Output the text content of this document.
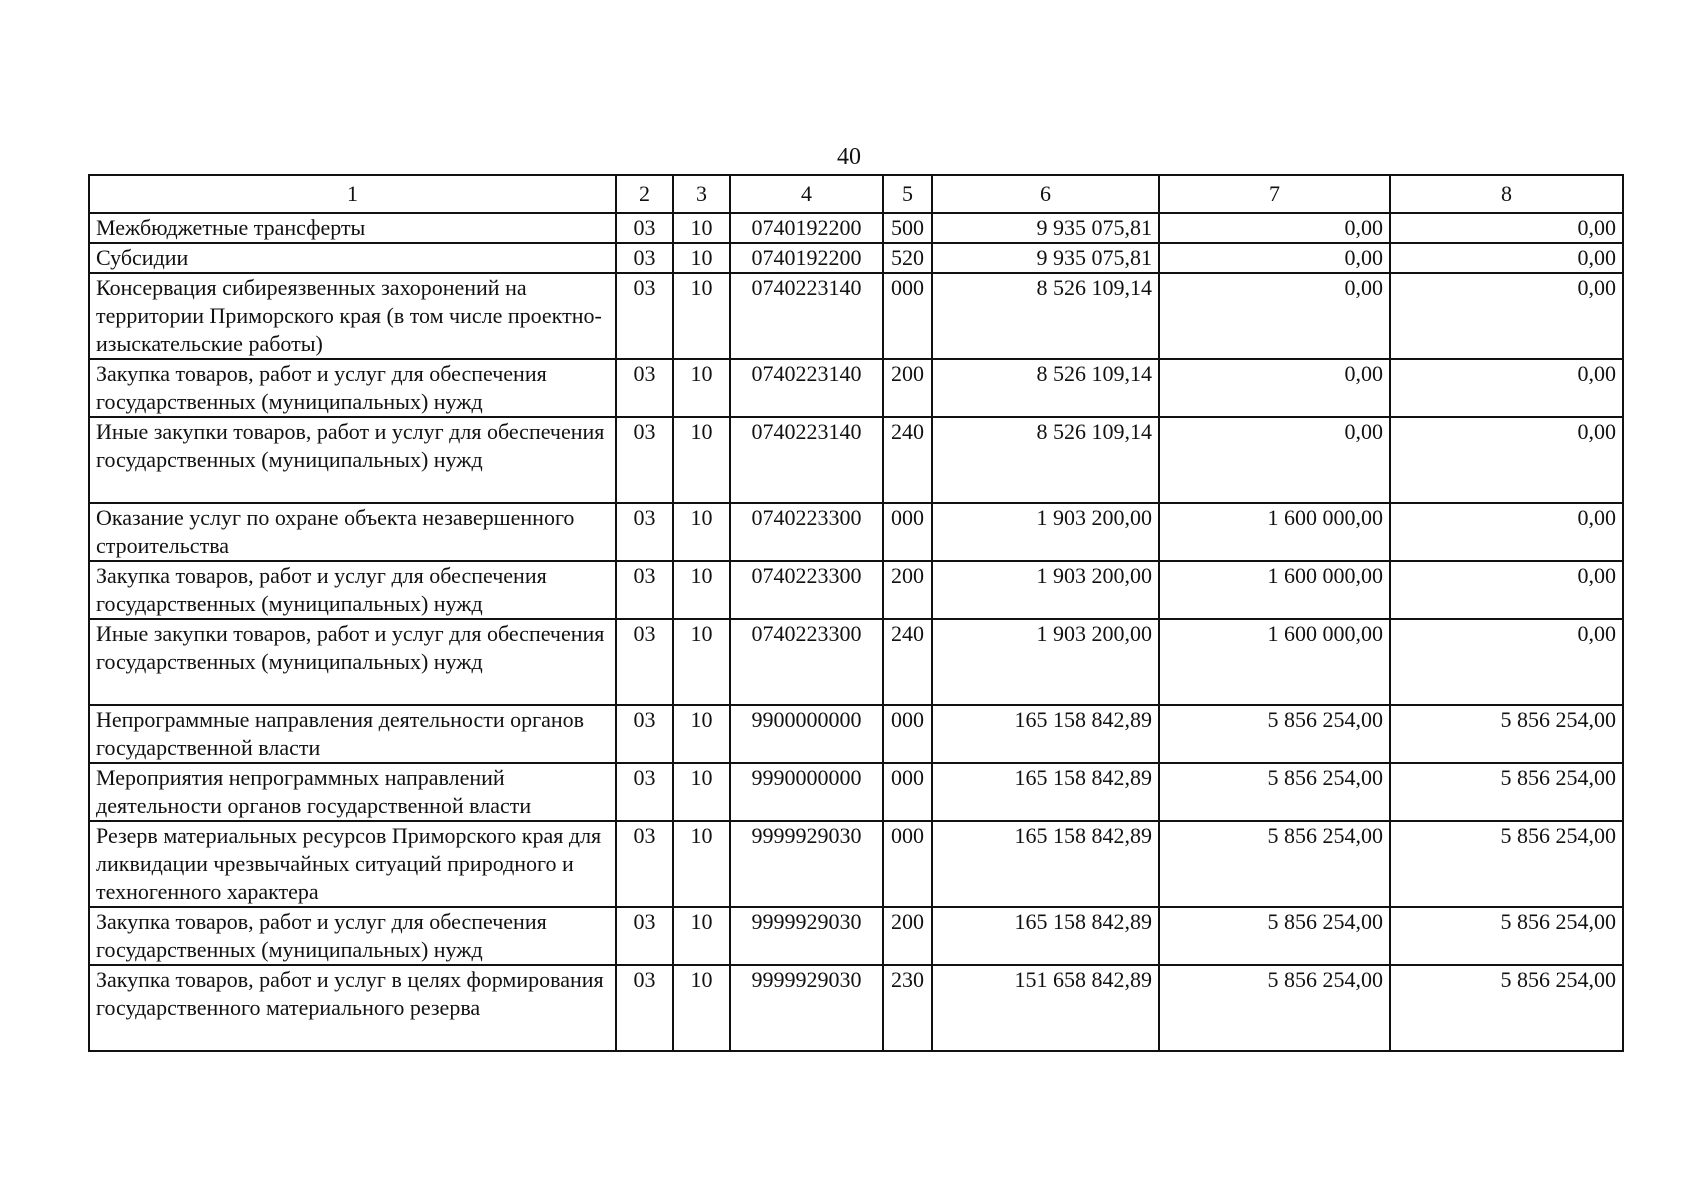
40
1	2	3	4	5	6	7	8
Межбюджетные трансферты	03	10	0740192200	500	9 935 075,81	0,00	0,00
Субсидии	03	10	0740192200	520	9 935 075,81	0,00	0,00
Консервация сибиреязвенных захоронений на территории Приморского края (в том числе проектно-изыскательские работы)	03	10	0740223140	000	8 526 109,14	0,00	0,00
Закупка товаров, работ и услуг для обеспечения государственных (муниципальных) нужд	03	10	0740223140	200	8 526 109,14	0,00	0,00
Иные закупки товаров, работ и услуг для обеспечения государственных (муниципальных) нужд	03	10	0740223140	240	8 526 109,14	0,00	0,00
Оказание услуг по охране объекта незавершенного строительства	03	10	0740223300	000	1 903 200,00	1 600 000,00	0,00
Закупка товаров, работ и услуг для обеспечения государственных (муниципальных) нужд	03	10	0740223300	200	1 903 200,00	1 600 000,00	0,00
Иные закупки товаров, работ и услуг для обеспечения государственных (муниципальных) нужд	03	10	0740223300	240	1 903 200,00	1 600 000,00	0,00
Непрограммные направления деятельности органов государственной власти	03	10	9900000000	000	165 158 842,89	5 856 254,00	5 856 254,00
Мероприятия непрограммных направлений деятельности органов государственной власти	03	10	9990000000	000	165 158 842,89	5 856 254,00	5 856 254,00
Резерв материальных ресурсов Приморского края для ликвидации чрезвычайных ситуаций природного и техногенного характера	03	10	9999929030	000	165 158 842,89	5 856 254,00	5 856 254,00
Закупка товаров, работ и услуг для обеспечения государственных (муниципальных) нужд	03	10	9999929030	200	165 158 842,89	5 856 254,00	5 856 254,00
Закупка товаров, работ и услуг в целях формирования государственного материального резерва	03	10	9999929030	230	151 658 842,89	5 856 254,00	5 856 254,00
